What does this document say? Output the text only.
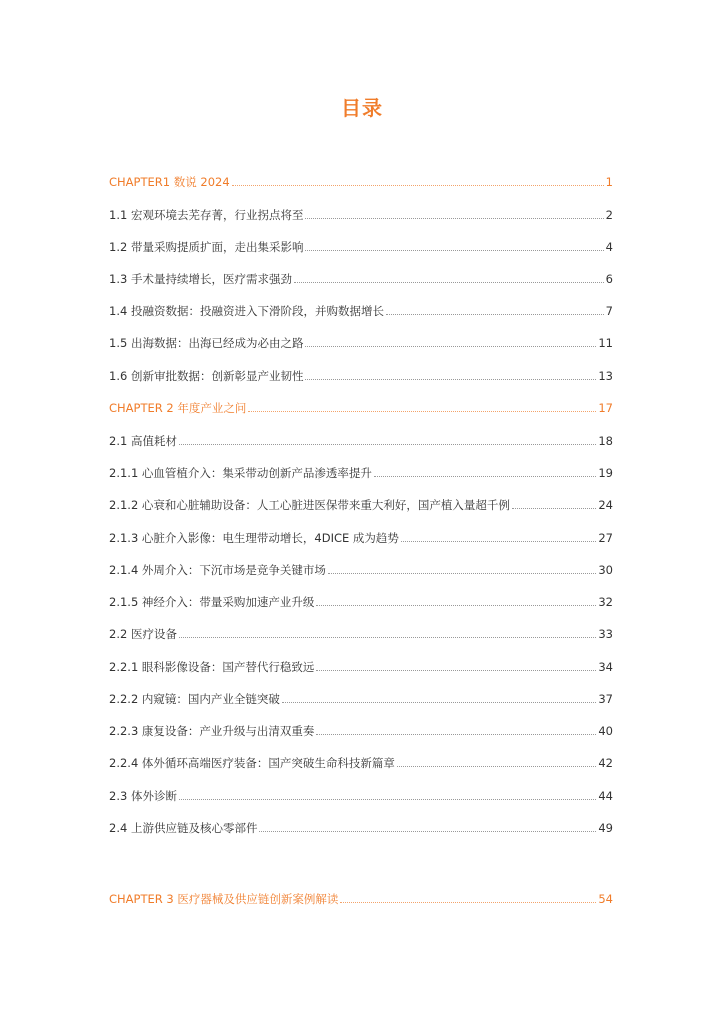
目录
CHAPTER1 数说 2024	1
1.1 宏观环境去芜存菁，行业拐点将至	2
1.2 带量采购提质扩面，走出集采影响	4
1.3 手术量持续增长，医疗需求强劲	6
1.4 投融资数据：投融资进入下滑阶段，并购数据增长	7
1.5 出海数据：出海已经成为必由之路	11
1.6 创新审批数据：创新彰显产业韧性	13
CHAPTER 2 年度产业之问	17
2.1 高值耗材	18
2.1.1 心血管植介入：集采带动创新产品渗透率提升	19
2.1.2 心衰和心脏辅助设备：人工心脏进医保带来重大利好，国产植入量超千例	24
2.1.3 心脏介入影像：电生理带动增长，4DICE 成为趋势	27
2.1.4 外周介入：下沉市场是竞争关键市场	30
2.1.5 神经介入：带量采购加速产业升级	32
2.2 医疗设备	33
2.2.1 眼科影像设备：国产替代行稳致远	34
2.2.2 内窥镜：国内产业全链突破	37
2.2.3 康复设备：产业升级与出清双重奏	40
2.2.4 体外循环高端医疗装备：国产突破生命科技新篇章	42
2.3 体外诊断	44
2.4 上游供应链及核心零部件	49
CHAPTER 3 医疗器械及供应链创新案例解读	54
